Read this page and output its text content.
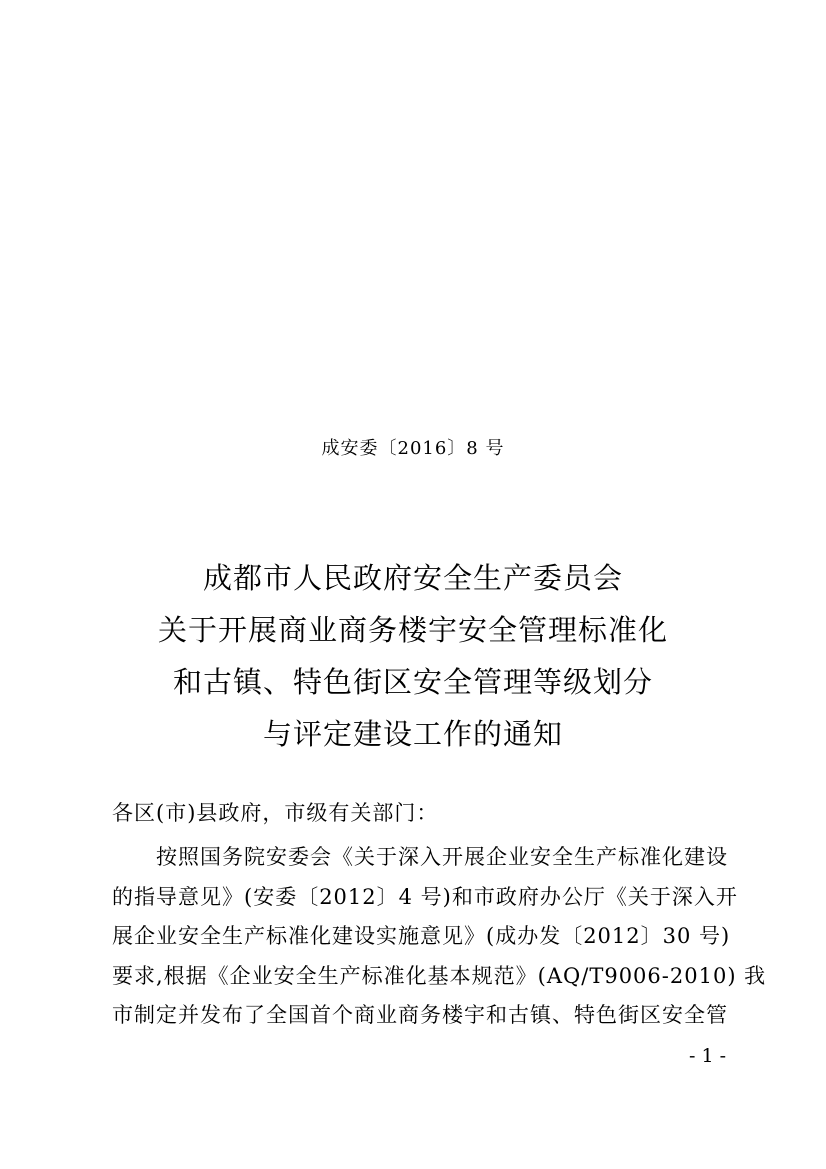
成安委〔2016〕8 号
成都市人民政府安全生产委员会
关于开展商业商务楼宇安全管理标准化
和古镇、特色街区安全管理等级划分
与评定建设工作的通知
各区(市)县政府，市级有关部门：
按照国务院安委会《关于深入开展企业安全生产标准化建设
的指导意见》(安委〔2012〕4 号)和市政府办公厅《关于深入开
展企业安全生产标准化建设实施意见》(成办发〔2012〕30 号)
要求,根据《企业安全生产标准化基本规范》(AQ/T9006-2010) 我
市制定并发布了全国首个商业商务楼宇和古镇、特色街区安全管
- 1 -
